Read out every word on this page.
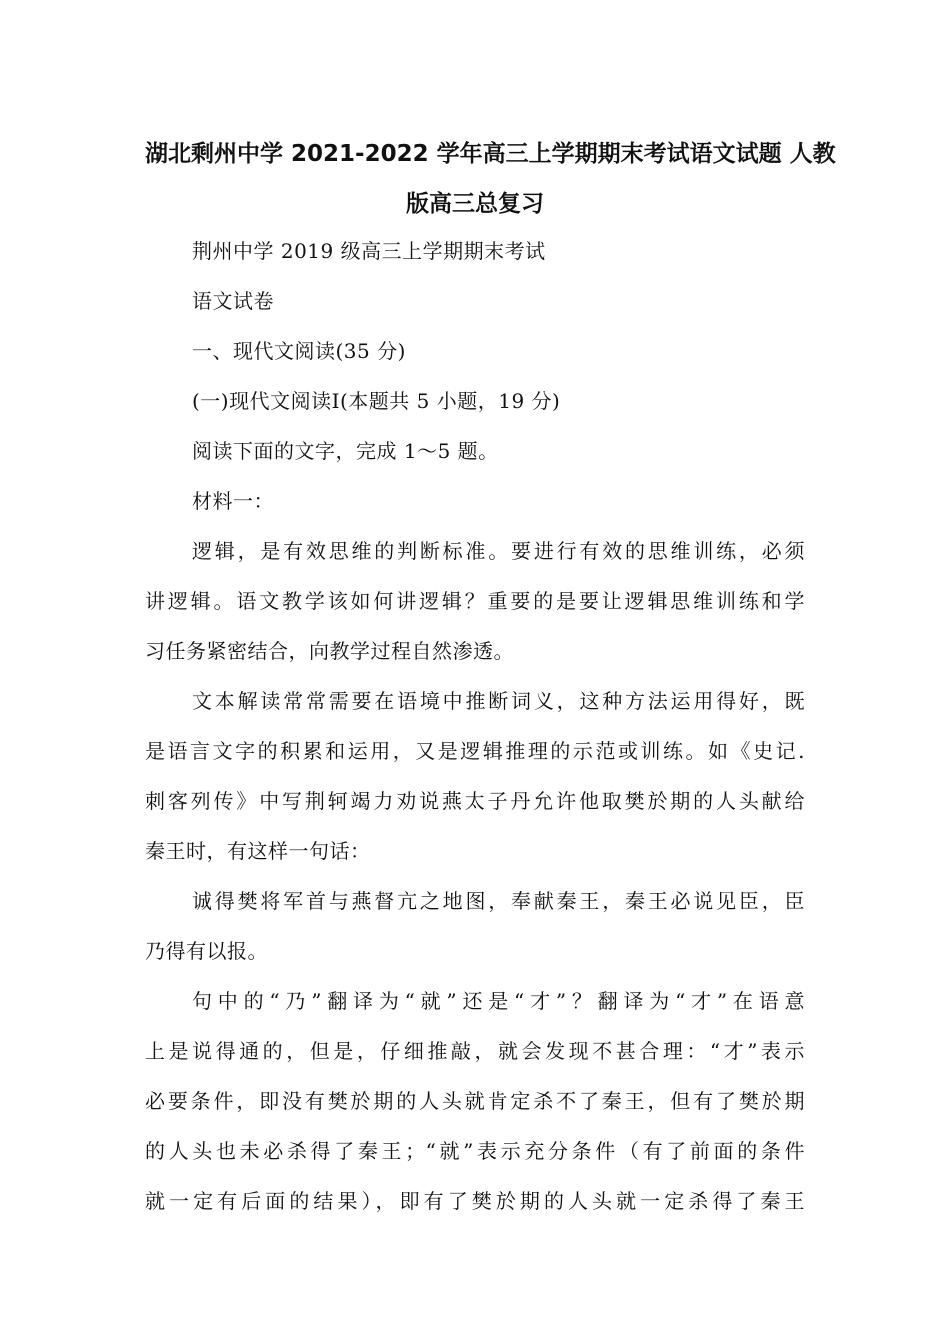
湖北剩州中学 2021-2022 学年高三上学期期末考试语文试题 人教
版高三总复习
荆州中学 2019 级高三上学期期末考试
语文试卷
一、现代文阅读(35 分)
(一)现代文阅读Ⅰ(本题共 5 小题，19 分)
阅读下面的文字，完成 1～5 题。
材料一：
逻辑，是有效思维的判断标准。要进行有效的思维训练，必须
讲逻辑。语文教学该如何讲逻辑？重要的是要让逻辑思维训练和学
习任务紧密结合，向教学过程自然渗透。
文本解读常常需要在语境中推断词义，这种方法运用得好，既
是语言文字的积累和运用，又是逻辑推理的示范或训练。如《史记.
刺客列传》中写荆轲竭力劝说燕太子丹允许他取樊於期的人头献给
秦王时，有这样一句话：
诚得樊将军首与燕督亢之地图，奉献秦王，秦王必说见臣，臣
乃得有以报。
句中的“乃”翻译为“就”还是“才”？翻译为“才”在语意
上是说得通的，但是，仔细推敲，就会发现不甚合理：“才”表示
必要条件，即没有樊於期的人头就肯定杀不了秦王，但有了樊於期
的人头也未必杀得了秦王；“就”表示充分条件（有了前面的条件
就一定有后面的结果），即有了樊於期的人头就一定杀得了秦王
